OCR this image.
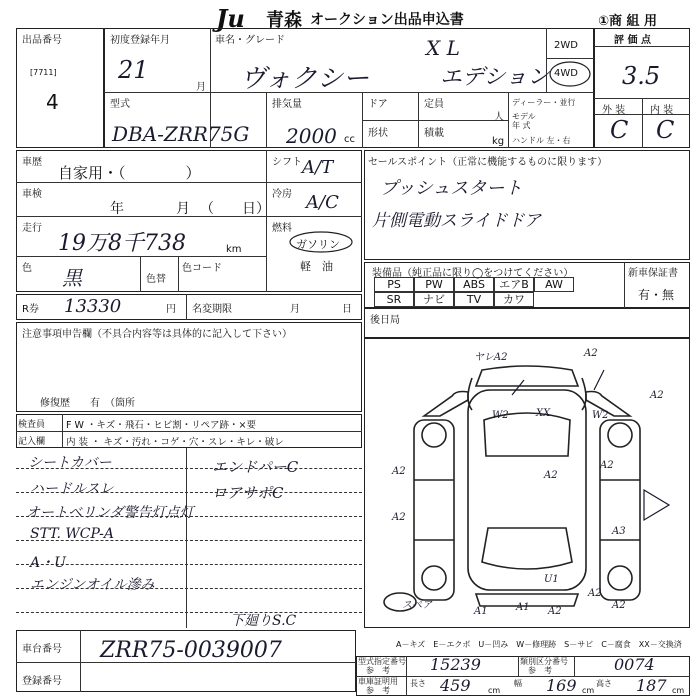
Ju 青森 オークション出品申込書	①商 組 用
出品番号
[7711]
4
初度登録年月
21
月
車名・グレード
ヴォクシー
X L
エデション
2WD
4WD
評 価 点
3.5
外 装 内 装
C C
型式
DBA-ZRR75G
排気量
2000 cc
ドア
形状
定員
人
積載
kg
ディーラー・並行
モデル
年 式
ハンドル 左・右
車歴
自家用・（　　　　）
シフト A/T
車検
年	月 （　　日）
冷房 A/C
走行
19万8千738	km
燃料
ガソリン
軽　油
色 黒	色替
色コード
R券 13330	円 名変期限	月	日
注意事項申告欄（不具合内容等は具体的に記入して下さい）
修復歴　　有　（箇所
セールスポイント（正常に機能するものに限ります）
プッシュスタート
片側電動スライドドア
装備品（純正品に限り◯をつけてください）	新車保証書
有・無
PS	PW	ABS	エアB	AW
SR	ナビ	TV	カワ
後日局
ヤレA2	A2
A2
A2
XX
W2	W2
A2	A2
A2
A3
U1
A1	A2
A2
A1
A2
スペア
A－キズ　E－エクボ　U－凹み　W－修理跡　S－サビ　C－腐食　XX－交換済
検査員
記入欄
F W ・キズ・飛石・ヒビ割・リペア跡・×要
内 装 ・ キズ・汚れ・コゲ・穴・スレ・キレ・破レ
シートカバー
ハードルスレ
オートベリンダ警告灯点灯
STT. WCP-A
A・U
エンジンオイル滲み
下廻りS.C
エンドパーC
ロアサポC
車台番号 ZRR75-0039007
登録番号
型式指定番号
参　考	15239	類別区分番号
参　考	0074
車庫証明用
参　考
長さ 459 cm
幅 169 cm
高さ 187 cm
